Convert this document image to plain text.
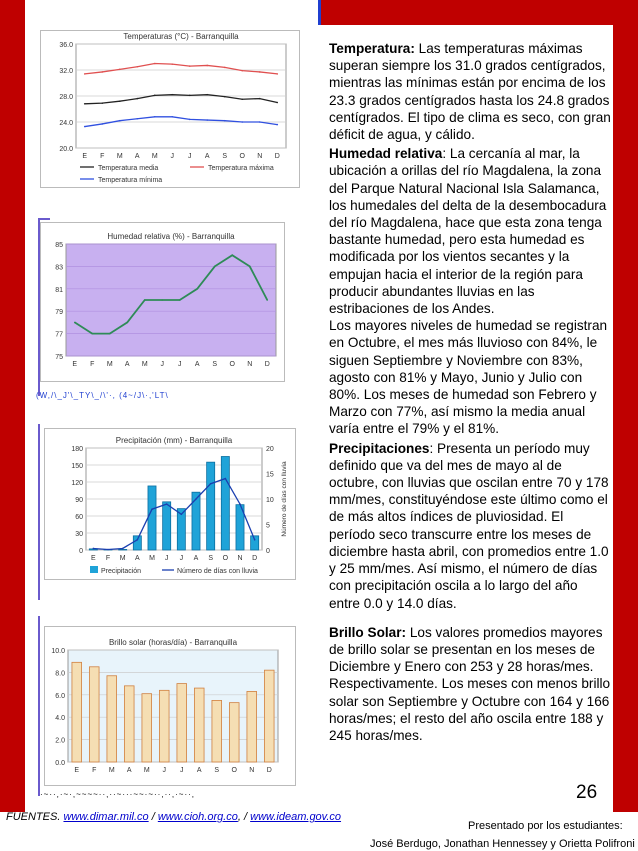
Temperaturas (°C) - Barranquilla
36.0
32.0
28.0
24.0
20.0
E F M A M J J A S O N D
Temperatura media	Temperatura máxima
Temperatura mínima
Humedad relativa (%) - Barranquilla
85
83
81
79
77
75
E F M A M J J A S O N D
(W,/\_J'\_TY\_/\'·, (4~/J\·,'LT\
Precipitación (mm) - Barranquilla
180
150
120
90
60
30
0
E F M A M J J A S O N D
20
15
10
5
0
Número de días con lluvia
Precipitación	Número de días con lluvia
Brillo solar (horas/día) - Barranquilla
10.0
8.0
6.0
4.0
2.0
0.0
E F M A M J J A S O N D
·~··,·~·,~~~~··,··~···~~·~··,··,·~··,

Temperatura: Las temperaturas máximas superan siempre los 31.0 grados centígrados, mientras las mínimas están por encima de los 23.3 grados centígrados hasta los 24.8 grados centígrados. El tipo de clima es seco, con gran déficit de agua, y cálido.

Humedad relativa: La cercanía al mar, la ubicación a orillas del río Magdalena, la zona del Parque Natural Nacional Isla Salamanca, los humedales del delta de la desembocadura del río Magdalena, hace que esta zona tenga bastante humedad, pero esta humedad es modificada por los vientos secantes y la empujan hacia el interior de la región para producir abundantes lluvias en las estribaciones de los Andes.

Los mayores niveles de humedad se registran en Octubre, el mes más lluvioso con 84%, le siguen Septiembre y Noviembre con 83%, agosto con 81% y Mayo, Junio y Julio con 80%. Los meses de humedad son Febrero y Marzo con 77%, así mismo la media anual varía entre el 79% y el 81%.

Precipitaciones: Presenta un período muy definido que va del mes de mayo al de octubre, con lluvias que oscilan entre 70 y 178 mm/mes, constituyéndose este último como el de más altos índices de pluviosidad. El período seco transcurre entre los meses de diciembre hasta abril, con promedios entre 1.0 y 25 mm/mes. Así mismo, el número de días con precipitación oscila a lo largo del año entre 0.0 y 14.0 días.

Brillo Solar: Los valores promedios mayores de brillo solar se presentan en los meses de Diciembre y Enero con 253 y 28 horas/mes. Respectivamente. Los meses con menos brillo solar son Septiembre y Octubre con 164 y 166 horas/mes; el resto del año oscila entre 188 y 245 horas/mes.

26
FUENTES. www.dimar.mil.co / www.cioh.org.co, / www.ideam.gov.co
Presentado por los estudiantes:
José Berdugo, Jonathan Hennessey y Orietta Polifroni
